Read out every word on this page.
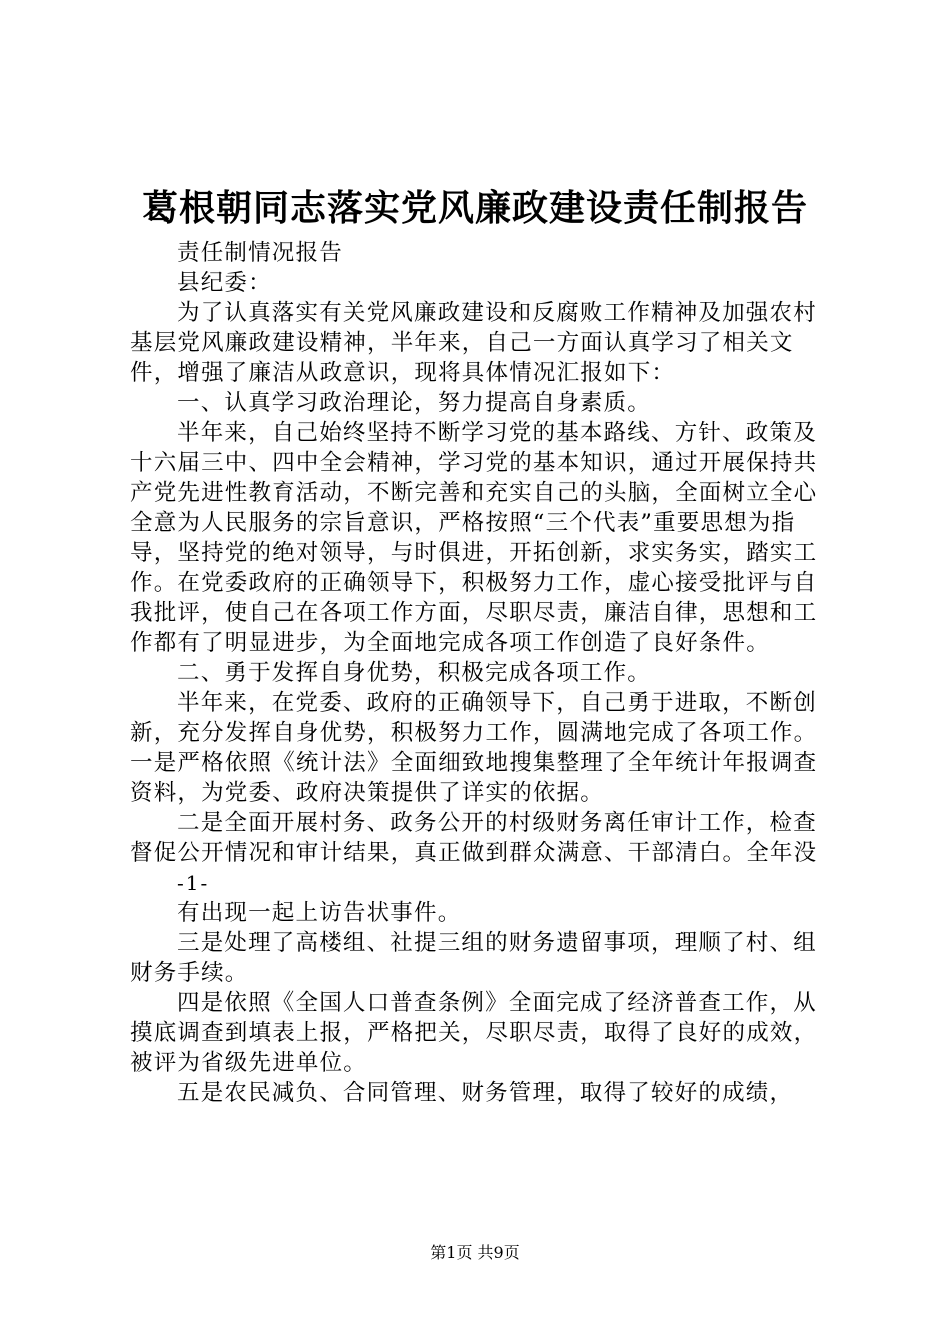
葛根朝同志落实党风廉政建设责任制报告

责任制情况报告

县纪委：

为了认真落实有关党风廉政建设和反腐败工作精神及加强农村基层党风廉政建设精神，半年来，自己一方面认真学习了相关文件，增强了廉洁从政意识，现将具体情况汇报如下：

一、认真学习政治理论，努力提高自身素质。

半年来，自己始终坚持不断学习党的基本路线、方针、政策及十六届三中、四中全会精神，学习党的基本知识，通过开展保持共产党先进性教育活动，不断完善和充实自己的头脑，全面树立全心全意为人民服务的宗旨意识，严格按照“三个代表”重要思想为指导，坚持党的绝对领导，与时俱进，开拓创新，求实务实，踏实工作。在党委政府的正确领导下，积极努力工作，虚心接受批评与自我批评，使自己在各项工作方面，尽职尽责，廉洁自律，思想和工作都有了明显进步，为全面地完成各项工作创造了良好条件。

二、勇于发挥自身优势，积极完成各项工作。

半年来，在党委、政府的正确领导下，自己勇于进取，不断创新，充分发挥自身优势，积极努力工作，圆满地完成了各项工作。一是严格依照《统计法》全面细致地搜集整理了全年统计年报调查资料，为党委、政府决策提供了详实的依据。

二是全面开展村务、政务公开的村级财务离任审计工作，检查督促公开情况和审计结果，真正做到群众满意、干部清白。全年没

-1-

有出现一起上访告状事件。

三是处理了高楼组、社提三组的财务遗留事项，理顺了村、组财务手续。

四是依照《全国人口普查条例》全面完成了经济普查工作，从摸底调查到填表上报，严格把关，尽职尽责，取得了良好的成效，被评为省级先进单位。

五是农民减负、合同管理、财务管理，取得了较好的成绩，

第1页 共9页
